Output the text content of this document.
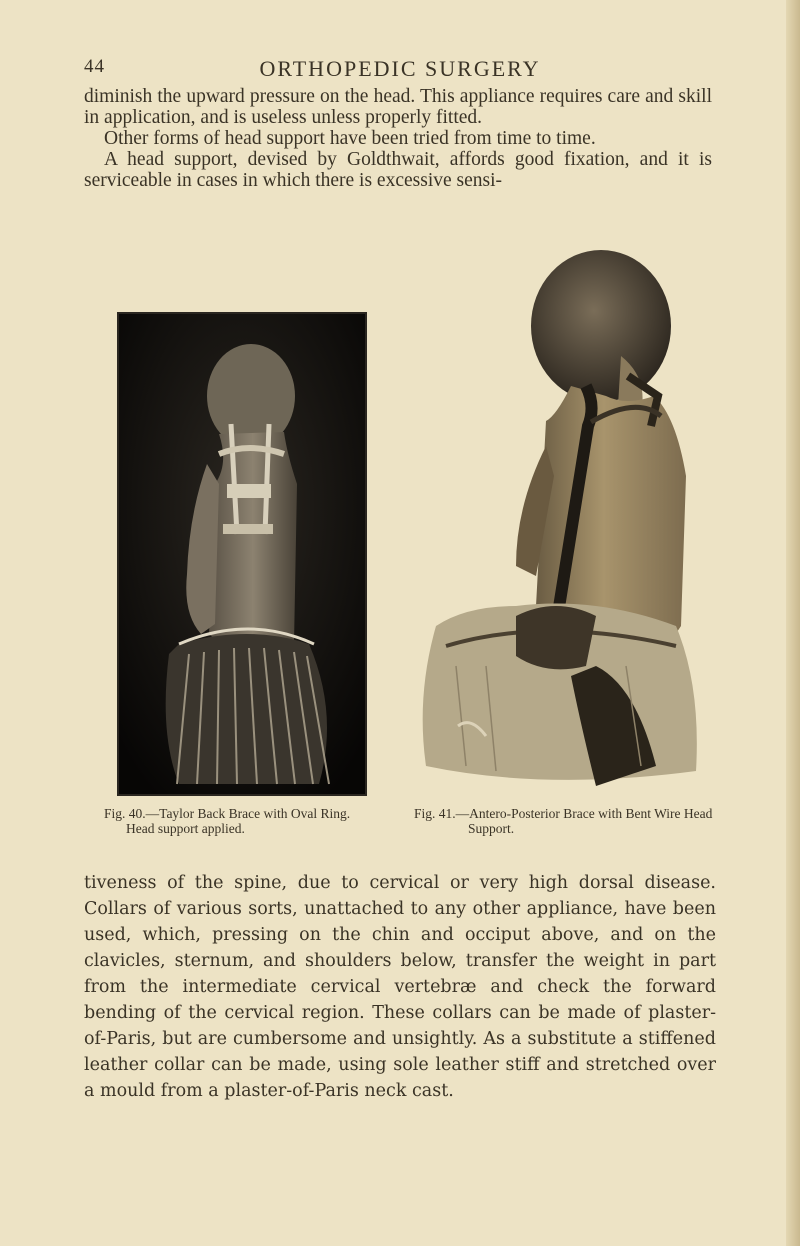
44	ORTHOPEDIC SURGERY

diminish the upward pressure on the head. This appliance requires care and skill in application, and is useless unless properly fitted.

Other forms of head support have been tried from time to time.

A head support, devised by Goldthwait, affords good fixation, and it is serviceable in cases in which there is excessive sensi-

Fig. 40.—Taylor Back Brace with Oval Ring. Head support applied.
Fig. 41.—Antero-Posterior Brace with Bent Wire Head Support.

tiveness of the spine, due to cervical or very high dorsal disease. Collars of various sorts, unattached to any other appliance, have been used, which, pressing on the chin and occiput above, and on the clavicles, sternum, and shoulders below, transfer the weight in part from the intermediate cervical vertebræ and check the forward bending of the cervical region. These collars can be made of plaster-of-Paris, but are cumbersome and unsightly. As a substitute a stiffened leather collar can be made, using sole leather stiff and stretched over a mould from a plaster-of-Paris neck cast.
